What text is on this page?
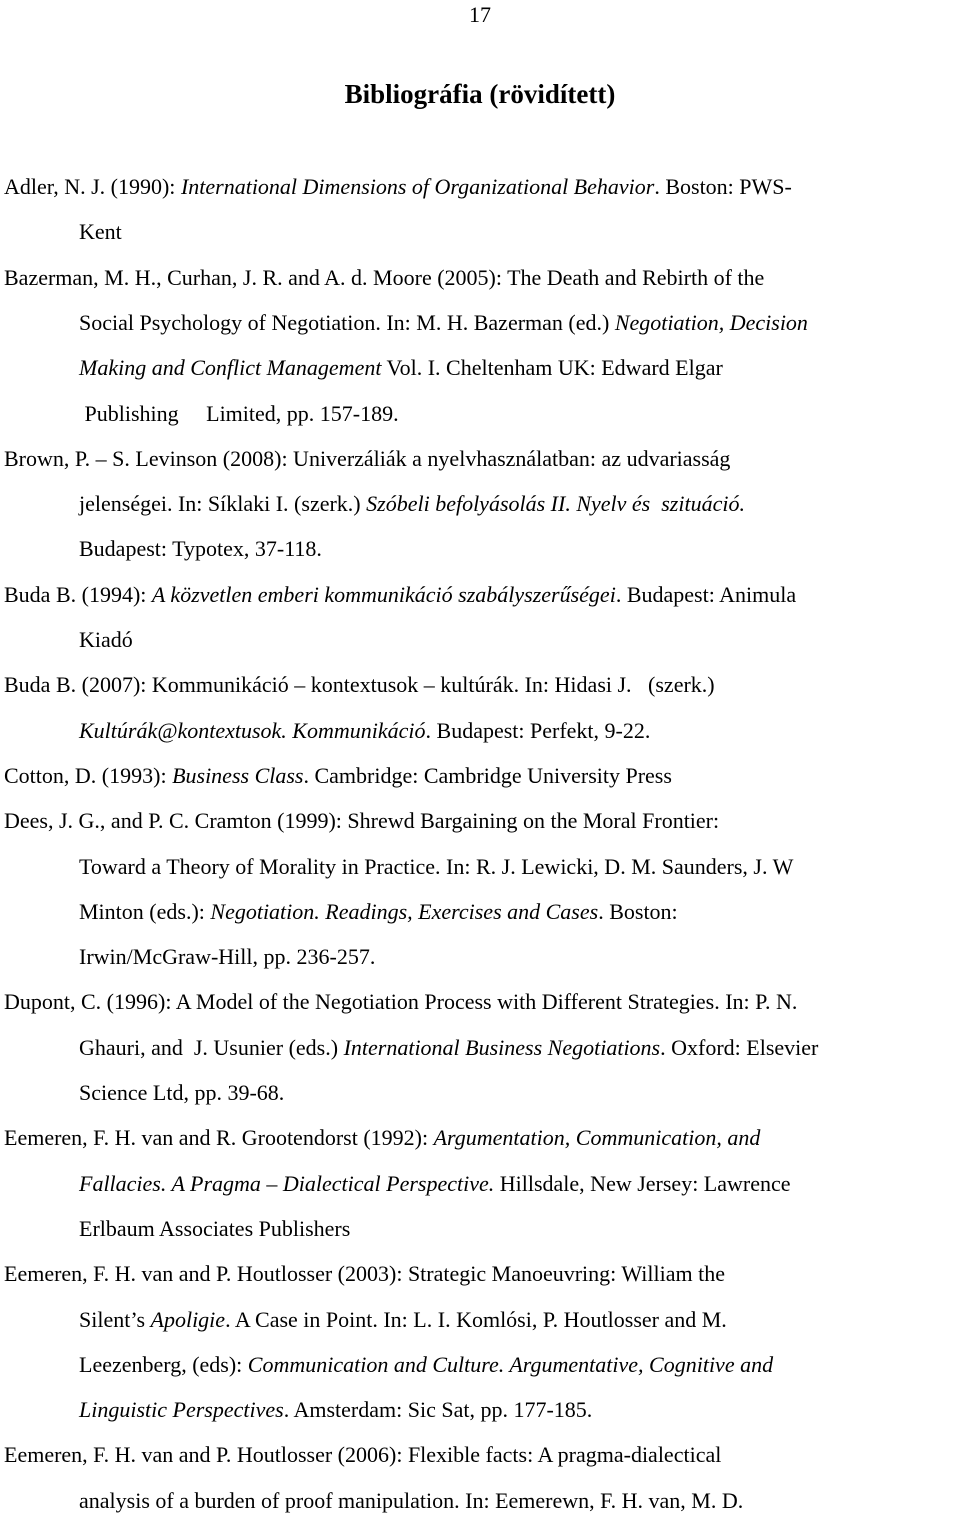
17
Bibliográfia (rövidített)
Adler, N. J. (1990): International Dimensions of Organizational Behavior. Boston: PWS-
Kent
Bazerman, M. H., Curhan, J. R. and A. d. Moore (2005): The Death and Rebirth of the
Social Psychology of Negotiation. In: M. H. Bazerman (ed.) Negotiation, Decision
Making and Conflict Management Vol. I. Cheltenham UK: Edward Elgar
Publishing     Limited, pp. 157-189.
Brown, P. – S. Levinson (2008): Univerzáliák a nyelvhasználatban: az udvariasság
jelenségei. In: Síklaki I. (szerk.) Szóbeli befolyásolás II. Nyelv és  szituáció.
Budapest: Typotex, 37-118.
Buda B. (1994): A közvetlen emberi kommunikáció szabályszerűségei. Budapest: Animula
Kiadó
Buda B. (2007): Kommunikáció – kontextusok – kultúrák. In: Hidasi J.   (szerk.)
Kultúrák@kontextusok. Kommunikáció. Budapest: Perfekt, 9-22.
Cotton, D. (1993): Business Class. Cambridge: Cambridge University Press
Dees, J. G., and P. C. Cramton (1999): Shrewd Bargaining on the Moral Frontier:
Toward a Theory of Morality in Practice. In: R. J. Lewicki, D. M. Saunders, J. W
Minton (eds.): Negotiation. Readings, Exercises and Cases. Boston:
Irwin/McGraw-Hill, pp. 236-257.
Dupont, C. (1996): A Model of the Negotiation Process with Different Strategies. In: P. N.
Ghauri, and  J. Usunier (eds.) International Business Negotiations. Oxford: Elsevier
Science Ltd, pp. 39-68.
Eemeren, F. H. van and R. Grootendorst (1992): Argumentation, Communication, and
Fallacies. A Pragma – Dialectical Perspective. Hillsdale, New Jersey: Lawrence
Erlbaum Associates Publishers
Eemeren, F. H. van and P. Houtlosser (2003): Strategic Manoeuvring: William the
Silent’s Apoligie. A Case in Point. In: L. I. Komlósi, P. Houtlosser and M.
Leezenberg, (eds): Communication and Culture. Argumentative, Cognitive and
Linguistic Perspectives. Amsterdam: Sic Sat, pp. 177-185.
Eemeren, F. H. van and P. Houtlosser (2006): Flexible facts: A pragma-dialectical
analysis of a burden of proof manipulation. In: Eemerewn, F. H. van, M. D.
